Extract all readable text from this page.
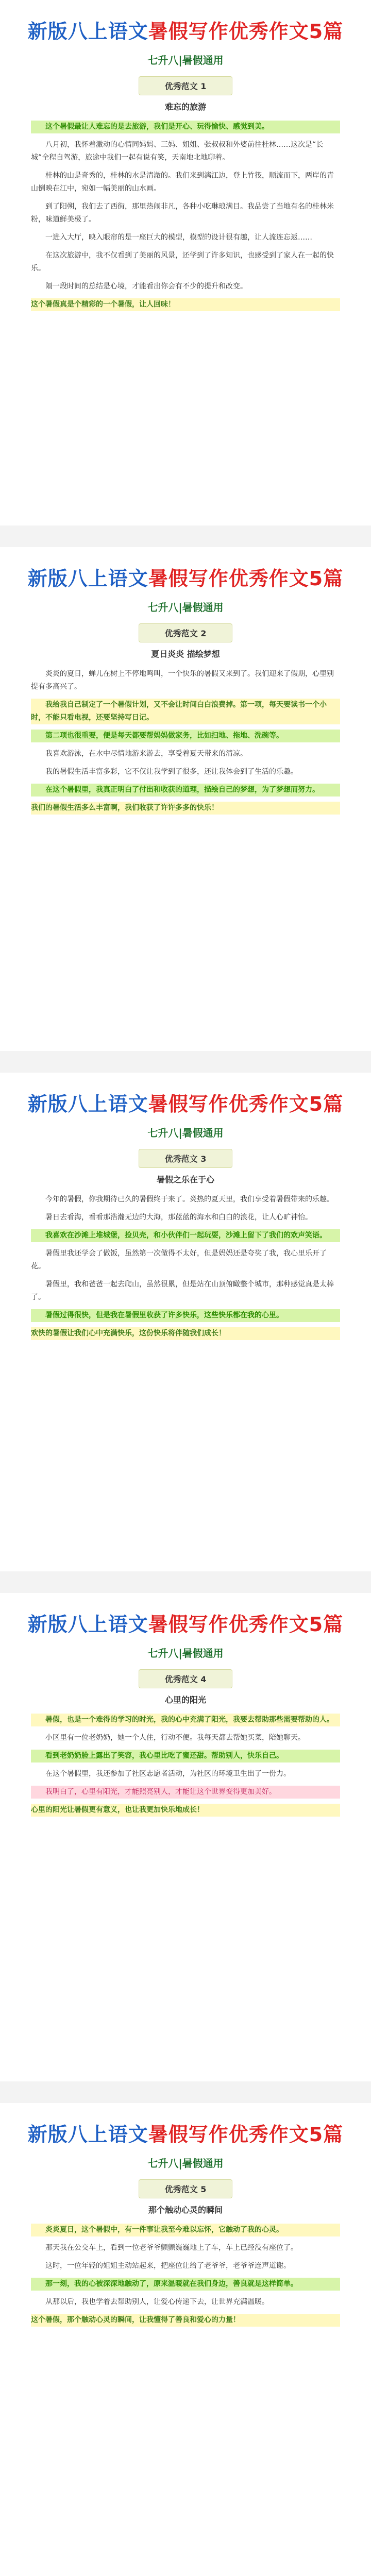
新版八上语文暑假写作优秀作文5篇
七升八|暑假通用
优秀范文 1
难忘的旅游

这个暑假最让人难忘的是去旅游，我们是开心、玩得愉快、感觉到美。

八月初，我怀着激动的心情同妈妈、三妈、姐姐、张叔叔和外婆前往桂林……这次是“长城”全程自驾游，旅途中我们一起有说有笑，天南地北地聊着。

桂林的山是奇秀的，桂林的水是清澈的。我们来到漓江边，登上竹筏，顺流而下，两岸的青山倒映在江中，宛如一幅美丽的山水画。

到了阳朔，我们去了西街，那里热闹非凡，各种小吃琳琅满目。我品尝了当地有名的桂林米粉，味道鲜美极了。

一进入大厅，映入眼帘的是一座巨大的模型，模型的设计很有趣，让人流连忘返……

在这次旅游中，我不仅看到了美丽的风景，还学到了许多知识，也感受到了家人在一起的快乐。

隔一段时间的总结是心境，才能看出你会有不少的提升和改变。

这个暑假真是个精彩的一个暑假，让人回味！
新版八上语文暑假写作优秀作文5篇
七升八|暑假通用
优秀范文 2
夏日炎炎 描绘梦想

炎炎的夏日，蝉儿在树上不停地鸣叫，一个快乐的暑假又来到了。我们迎来了假期，心里别提有多高兴了。

我给我自己制定了一个暑假计划，又不会让时间白白浪费掉。第一项，每天要读书一个小时，不能只看电视，还要坚持写日记。

第二项也很重要，便是每天都要帮妈妈做家务，比如扫地、拖地、洗碗等。

我喜欢游泳，在水中尽情地游来游去，享受着夏天带来的清凉。

我的暑假生活丰富多彩，它不仅让我学到了很多，还让我体会到了生活的乐趣。

在这个暑假里，我真正明白了付出和收获的道理，描绘自己的梦想，为了梦想而努力。

我们的暑假生活多么丰富啊，我们收获了许许多多的快乐！
新版八上语文暑假写作优秀作文5篇
七升八|暑假通用
优秀范文 3
暑假之乐在于心

今年的暑假，你我期待已久的暑假终于来了。炎热的夏天里，我们享受着暑假带来的乐趣。

暑日去看海，看看那浩瀚无边的大海，那蓝蓝的海水和白白的浪花，让人心旷神怡。

我喜欢在沙滩上堆城堡，捡贝壳，和小伙伴们一起玩耍，沙滩上留下了我们的欢声笑语。

暑假里我还学会了做饭，虽然第一次做得不太好，但是妈妈还是夸奖了我，我心里乐开了花。

暑假里，我和爸爸一起去爬山，虽然很累，但是站在山顶俯瞰整个城市，那种感觉真是太棒了。

暑假过得很快，但是我在暑假里收获了许多快乐，这些快乐都在我的心里。

欢快的暑假让我们心中充满快乐，这份快乐将伴随我们成长！
新版八上语文暑假写作优秀作文5篇
七升八|暑假通用
优秀范文 4
心里的阳光

暑假，也是一个难得的学习的时光，我的心中充满了阳光，我要去帮助那些需要帮助的人。

小区里有一位老奶奶，她一个人住，行动不便。我每天都去帮她买菜，陪她聊天。

看到老奶奶脸上露出了笑容，我心里比吃了蜜还甜。帮助别人，快乐自己。

在这个暑假里，我还参加了社区志愿者活动，为社区的环境卫生出了一份力。

我明白了，心里有阳光，才能照亮别人，才能让这个世界变得更加美好。

心里的阳光让暑假更有意义，也让我更加快乐地成长！
新版八上语文暑假写作优秀作文5篇
七升八|暑假通用
优秀范文 5
那个触动心灵的瞬间

炎炎夏日，这个暑假中，有一件事让我至今难以忘怀，它触动了我的心灵。

那天我在公交车上，看到一位老爷爷颤颤巍巍地上了车，车上已经没有座位了。

这时，一位年轻的姐姐主动站起来，把座位让给了老爷爷，老爷爷连声道谢。

那一刻，我的心被深深地触动了，原来温暖就在我们身边，善良就是这样简单。

从那以后，我也学着去帮助别人，让爱心传递下去，让世界充满温暖。

这个暑假，那个触动心灵的瞬间，让我懂得了善良和爱心的力量！
